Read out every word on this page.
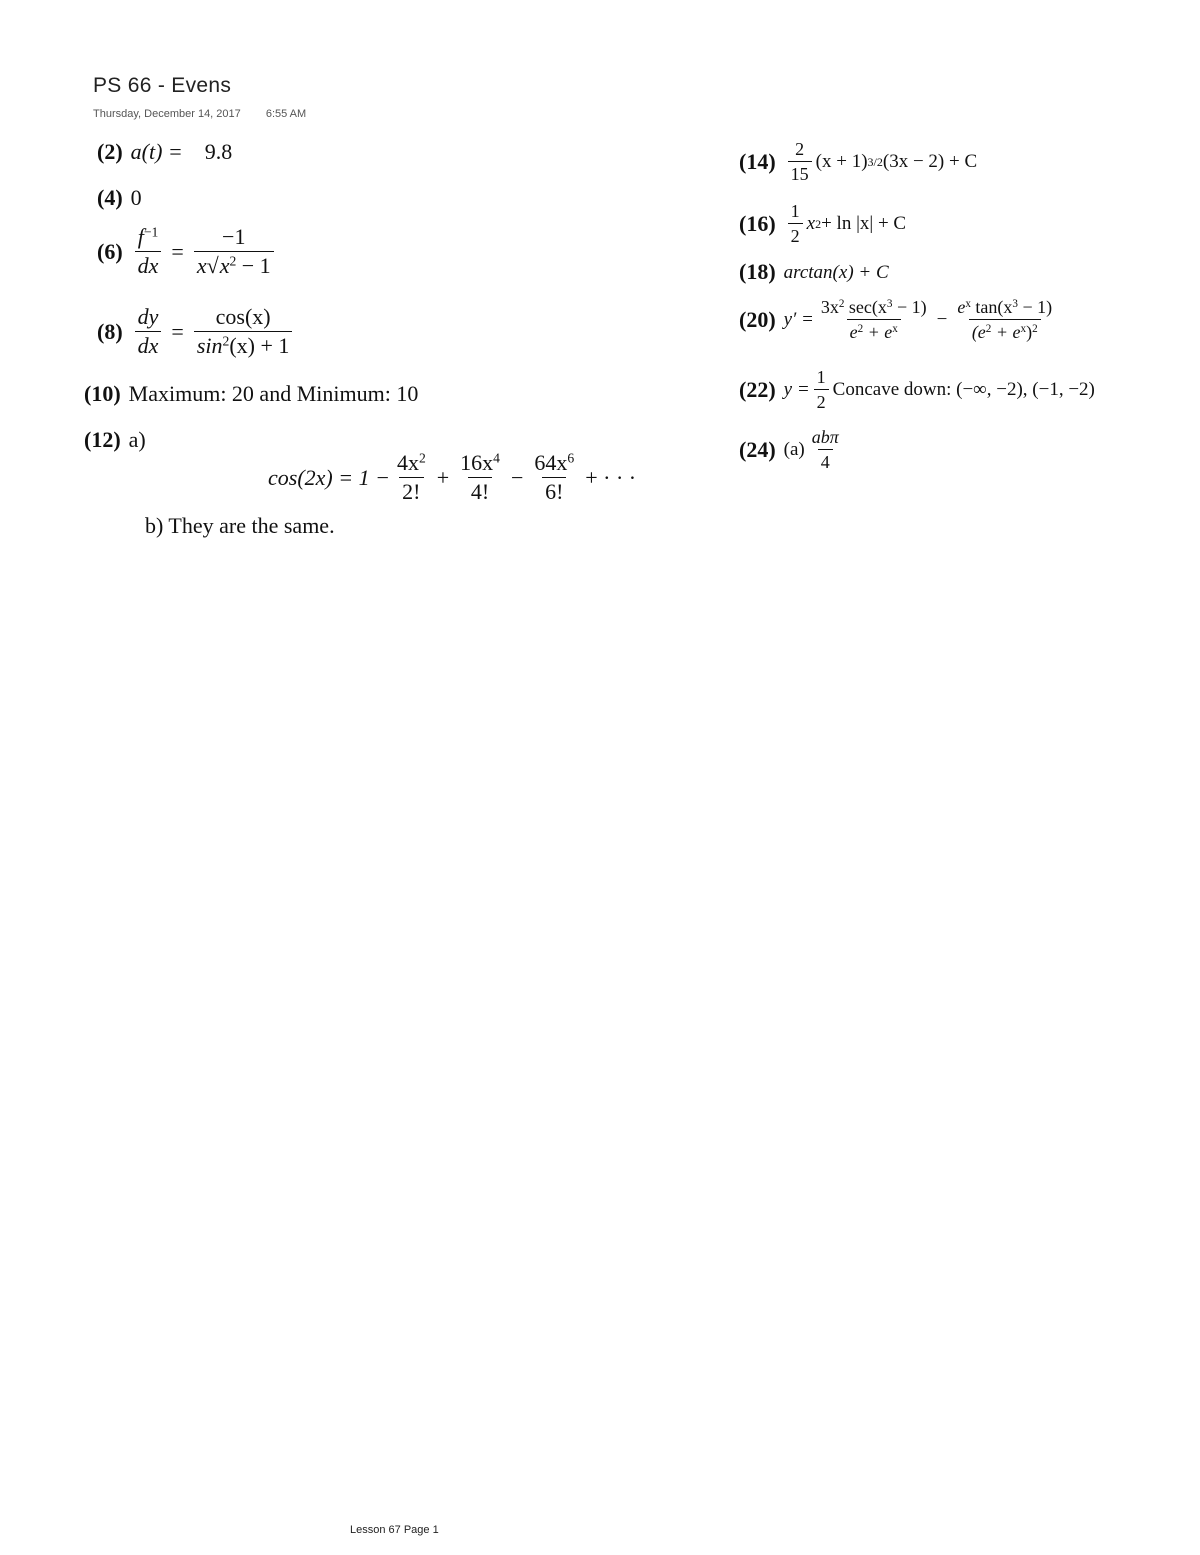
PS 66 - Evens
Thursday, December 14, 2017 6:55 AM
(2) a(t) = 9.8
(4) 0
$(6) \frac{f^{-1}}{dx} = \frac{-1}{x√x^2 - 1}$
$(8) \frac{dy}{dx} = \frac{\cos(x)}{\sin^2(x) + 1}$
(10) Maximum: 20 and Minimum: 10
(12) a)
$\cos(2x) = 1 - \frac{4x^2}{2!} + \frac{16x^4}{4!} - \frac{64x^6}{6!}$ + · · ·
b) They are the same.
$(14) \frac{2}{15} (x + 1)$ 3/2 (3x − 2) + C
$(16) \frac{1}{2}$ x 2 + ln |x| + C
(18) arctan(x) + C
(20) $y' = \frac{3x^2 \sec(x^3 - 1)}{e^2 + e^x} - \frac{e^x \tan(x^3 - 1)}{(e^2 + e^x)^2}$
(22) $y = \frac{1}{2}$ Concave down: (−∞, −2), (−1, −2)
(24) $(a) \frac{\text{abπ}}{4}$
Lesson 67 Page 1
